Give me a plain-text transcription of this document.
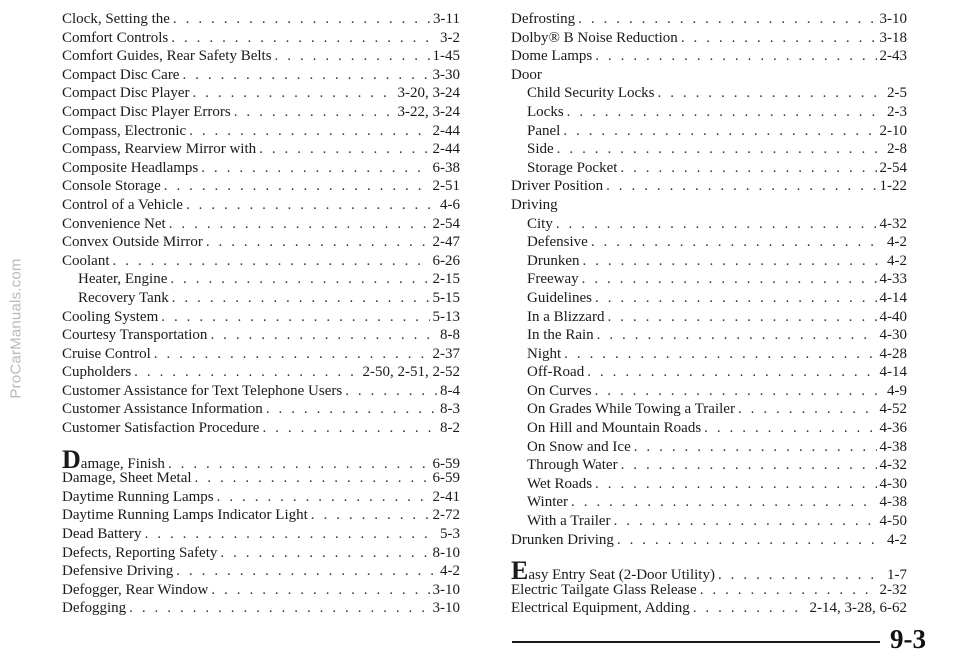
ProCarManuals.com
Clock, Setting the . . .	3-11
Comfort Controls . . .	3-2
Comfort Guides, Rear Safety Belts . . .	1-45
Compact Disc Care . . .	3-30
Compact Disc Player . . .	3-20, 3-24
Compact Disc Player Errors . . .	3-22, 3-24
Compass, Electronic . . .	2-44
Compass, Rearview Mirror with . . .	2-44
Composite Headlamps . . .	6-38
Console Storage . . .	2-51
Control of a Vehicle . . .	4-6
Convenience Net . . .	2-54
Convex Outside Mirror . . .	2-47
Coolant . . .	6-26
Heater, Engine . . .	2-15
Recovery Tank . . .	5-15
Cooling System . . .	5-13
Courtesy Transportation . . .	8-8
Cruise Control . . .	2-37
Cupholders . . .	2-50, 2-51, 2-52
Customer Assistance for Text Telephone Users . . .	8-4
Customer Assistance Information . . .	8-3
Customer Satisfaction Procedure . . .	8-2
Damage, Finish . . .	6-59
Damage, Sheet Metal . . .	6-59
Daytime Running Lamps . . .	2-41
Daytime Running Lamps Indicator Light . . .	2-72
Dead Battery . . .	5-3
Defects, Reporting Safety . . .	8-10
Defensive Driving . . .	4-2
Defogger, Rear Window . . .	3-10
Defogging . . .	3-10
Defrosting . . .	3-10
Dolby® B Noise Reduction . . .	3-18
Dome Lamps . . .	2-43
Door
Child Security Locks . . .	2-5
Locks . . .	2-3
Panel . . .	2-10
Side . . .	2-8
Storage Pocket . . .	2-54
Driver Position . . .	1-22
Driving
City . . .	4-32
Defensive . . .	4-2
Drunken . . .	4-2
Freeway . . .	4-33
Guidelines . . .	4-14
In a Blizzard . . .	4-40
In the Rain . . .	4-30
Night . . .	4-28
Off-Road . . .	4-14
On Curves . . .	4-9
On Grades While Towing a Trailer . . .	4-52
On Hill and Mountain Roads . . .	4-36
On Snow and Ice . . .	4-38
Through Water . . .	4-32
Wet Roads . . .	4-30
Winter . . .	4-38
With a Trailer . . .	4-50
Drunken Driving . . .	4-2
Easy Entry Seat (2-Door Utility) . . .	1-7
Electric Tailgate Glass Release . . .	2-32
Electrical Equipment, Adding . . .	2-14, 3-28, 6-62
9-3
